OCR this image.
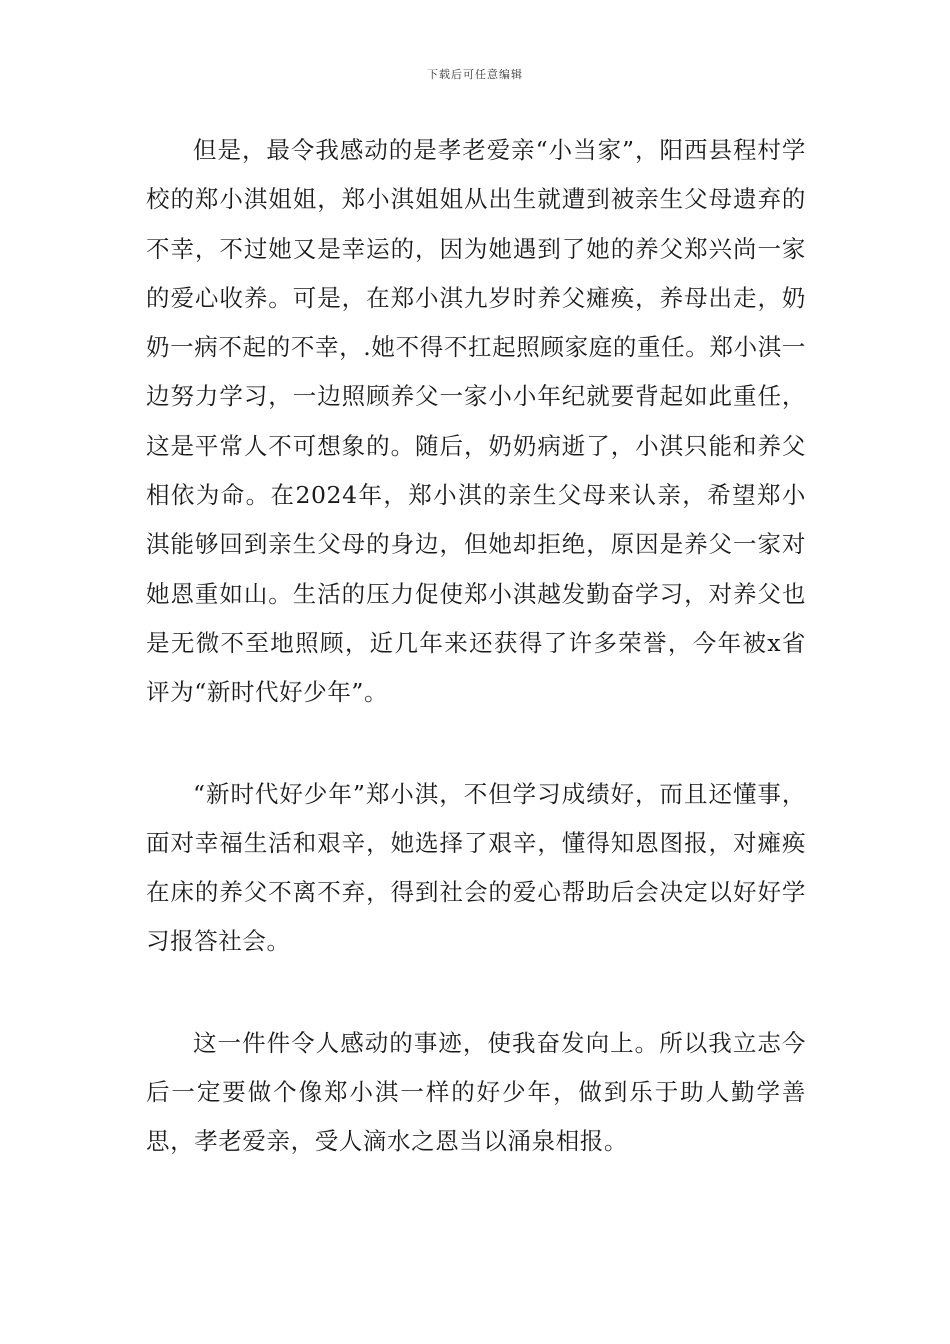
下载后可任意编辑

但是，最令我感动的是孝老爱亲“小当家”，阳西县程村学校的郑小淇姐姐，郑小淇姐姐从出生就遭到被亲生父母遗弃的不幸，不过她又是幸运的，因为她遇到了她的养父郑兴尚一家的爱心收养。可是，在郑小淇九岁时养父瘫痪，养母出走，奶奶一病不起的不幸，.她不得不扛起照顾家庭的重任。郑小淇一边努力学习，一边照顾养父一家小小年纪就要背起如此重任，这是平常人不可想象的。随后，奶奶病逝了，小淇只能和养父相依为命。在2024年，郑小淇的亲生父母来认亲，希望郑小淇能够回到亲生父母的身边，但她却拒绝，原因是养父一家对她恩重如山。生活的压力促使郑小淇越发勤奋学习，对养父也是无微不至地照顾，近几年来还获得了许多荣誉，今年被x省评为“新时代好少年”。

“新时代好少年”郑小淇，不但学习成绩好，而且还懂事，面对幸福生活和艰辛，她选择了艰辛，懂得知恩图报，对瘫痪在床的养父不离不弃，得到社会的爱心帮助后会决定以好好学习报答社会。

这一件件令人感动的事迹，使我奋发向上。所以我立志今后一定要做个像郑小淇一样的好少年，做到乐于助人勤学善思，孝老爱亲，受人滴水之恩当以涌泉相报。
